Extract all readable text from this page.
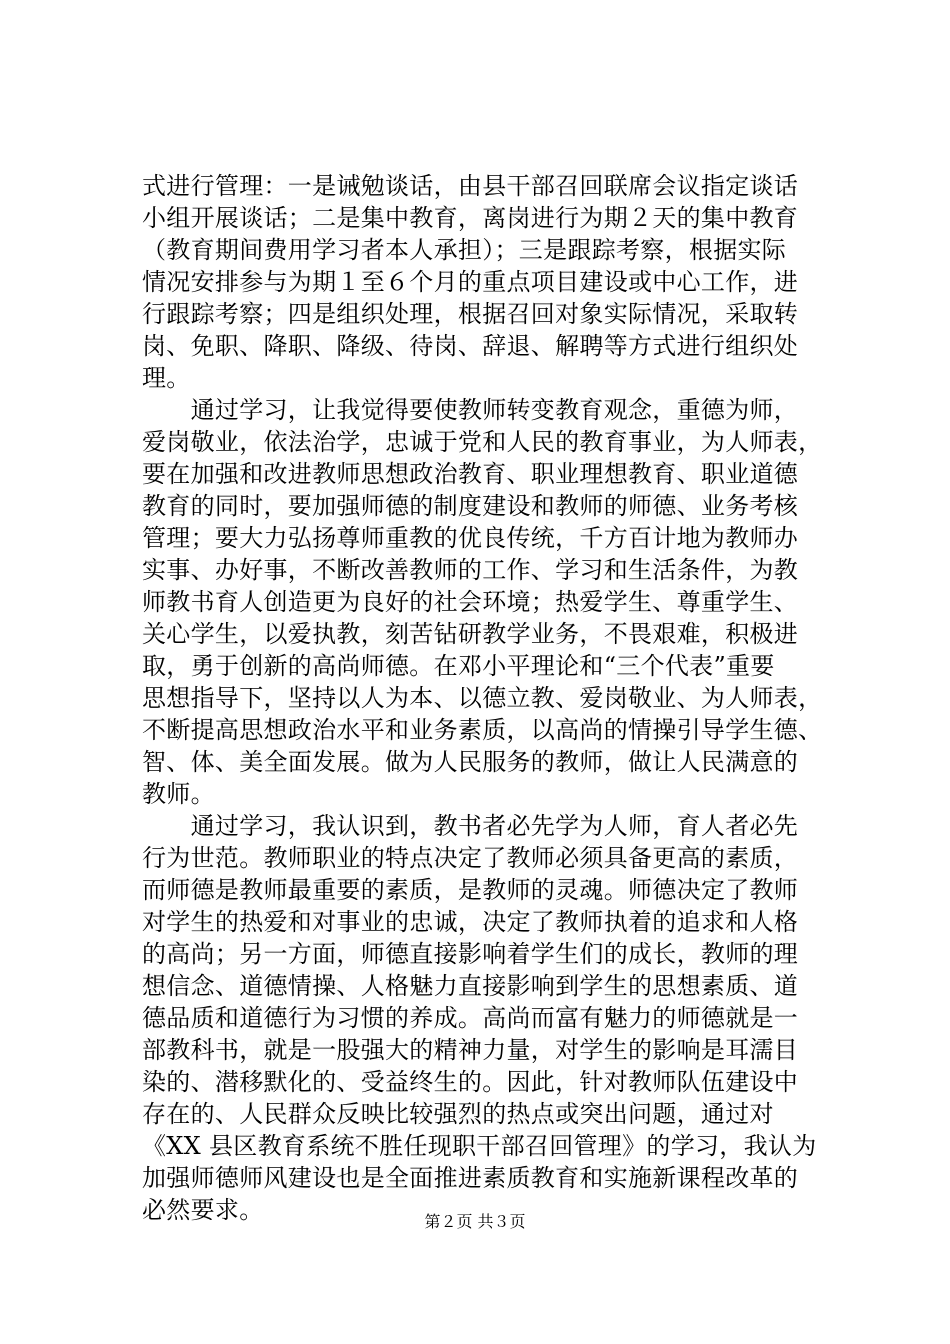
式进行管理：一是诫勉谈话，由县干部召回联席会议指定谈话
小组开展谈话；二是集中教育，离岗进行为期２天的集中教育
（教育期间费用学习者本人承担）；三是跟踪考察，根据实际
情况安排参与为期１至６个月的重点项目建设或中心工作，进
行跟踪考察；四是组织处理，根据召回对象实际情况，采取转
岗、免职、降职、降级、待岗、辞退、解聘等方式进行组织处
理。
　　通过学习，让我觉得要使教师转变教育观念，重德为师，
爱岗敬业，依法治学，忠诚于党和人民的教育事业，为人师表，
要在加强和改进教师思想政治教育、职业理想教育、职业道德
教育的同时，要加强师德的制度建设和教师的师德、业务考核
管理；要大力弘扬尊师重教的优良传统，千方百计地为教师办
实事、办好事，不断改善教师的工作、学习和生活条件，为教
师教书育人创造更为良好的社会环境；热爱学生、尊重学生、
关心学生，以爱执教，刻苦钻研教学业务，不畏艰难，积极进
取，勇于创新的高尚师德。在邓小平理论和“三个代表”重要
思想指导下，坚持以人为本、以德立教、爱岗敬业、为人师表，
不断提高思想政治水平和业务素质，以高尚的情操引导学生德、
智、体、美全面发展。做为人民服务的教师，做让人民满意的
教师。
　　通过学习，我认识到，教书者必先学为人师，育人者必先
行为世范。教师职业的特点决定了教师必须具备更高的素质，
而师德是教师最重要的素质，是教师的灵魂。师德决定了教师
对学生的热爱和对事业的忠诚，决定了教师执着的追求和人格
的高尚；另一方面，师德直接影响着学生们的成长，教师的理
想信念、道德情操、人格魅力直接影响到学生的思想素质、道
德品质和道德行为习惯的养成。高尚而富有魅力的师德就是一
部教科书，就是一股强大的精神力量，对学生的影响是耳濡目
染的、潜移默化的、受益终生的。因此，针对教师队伍建设中
存在的、人民群众反映比较强烈的热点或突出问题，通过对
《XX 县区教育系统不胜任现职干部召回管理》的学习，我认为
加强师德师风建设也是全面推进素质教育和实施新课程改革的
必然要求。	第２页 共３页
